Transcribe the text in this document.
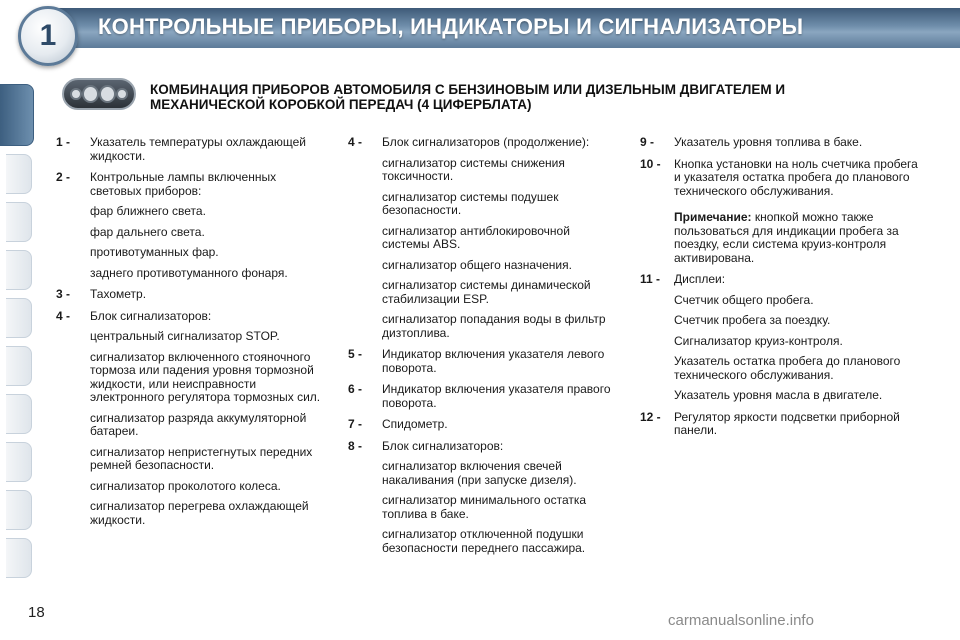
КОНТРОЛЬНЫЕ ПРИБОРЫ, ИНДИКАТОРЫ И СИГНАЛИЗАТОРЫ
1
КОМБИНАЦИЯ ПРИБОРОВ АВТОМОБИЛЯ С БЕНЗИНОВЫМ ИЛИ ДИЗЕЛЬНЫМ ДВИГАТЕЛЕМ И
МЕХАНИЧЕСКОЙ КОРОБКОЙ ПЕРЕДАЧ (4 ЦИФЕРБЛАТА)
1 -	Указатель температуры охлаждающей жидкости.

2 -	Контрольные лампы включенных световых приборов:

фар ближнего света.

фар дальнего света.

противотуманных фар.

заднего противотуманного фонаря.

3 -	Тахометр.

4 -	Блок сигнализаторов:

центральный сигнализатор STOP.

сигнализатор включенного стояночного тормоза или падения уровня тормозной жидкости, или неисправности электронного регулятора тормозных сил.

сигнализатор разряда аккумуляторной батареи.

сигнализатор непристегнутых передних ремней безопасности.

сигнализатор проколотого колеса.

сигнализатор перегрева охлаждающей жидкости.

4 -	Блок сигнализаторов (продолжение):

сигнализатор системы снижения токсичности.

сигнализатор системы подушек безопасности.

сигнализатор антиблокировочной системы ABS.

сигнализатор общего назначения.

сигнализатор системы динамической стабилизации ESP.

сигнализатор попадания воды в фильтр дизтоплива.

5 -	Индикатор включения указателя левого поворота.

6 -	Индикатор включения указателя правого поворота.

7 -	Спидометр.

8 -	Блок сигнализаторов:

сигнализатор включения свечей накаливания (при запуске дизеля).

сигнализатор минимального остатка топлива в баке.

сигнализатор отключенной подушки безопасности переднего пассажира.

9 -	Указатель уровня топлива в баке.

10 -	Кнопка установки на ноль счетчика пробега и указателя остатка пробега до планового технического обслуживания.

Примечание: кнопкой можно также пользоваться для индикации пробега за поездку, если система круиз-контроля активирована.

11 -	Дисплеи:

Счетчик общего пробега.

Счетчик пробега за поездку.

Сигнализатор круиз-контроля.

Указатель остатка пробега до планового технического обслуживания.

Указатель уровня масла в двигателе.

12 -	Регулятор яркости подсветки приборной панели.

18	carmanualsonline.info
